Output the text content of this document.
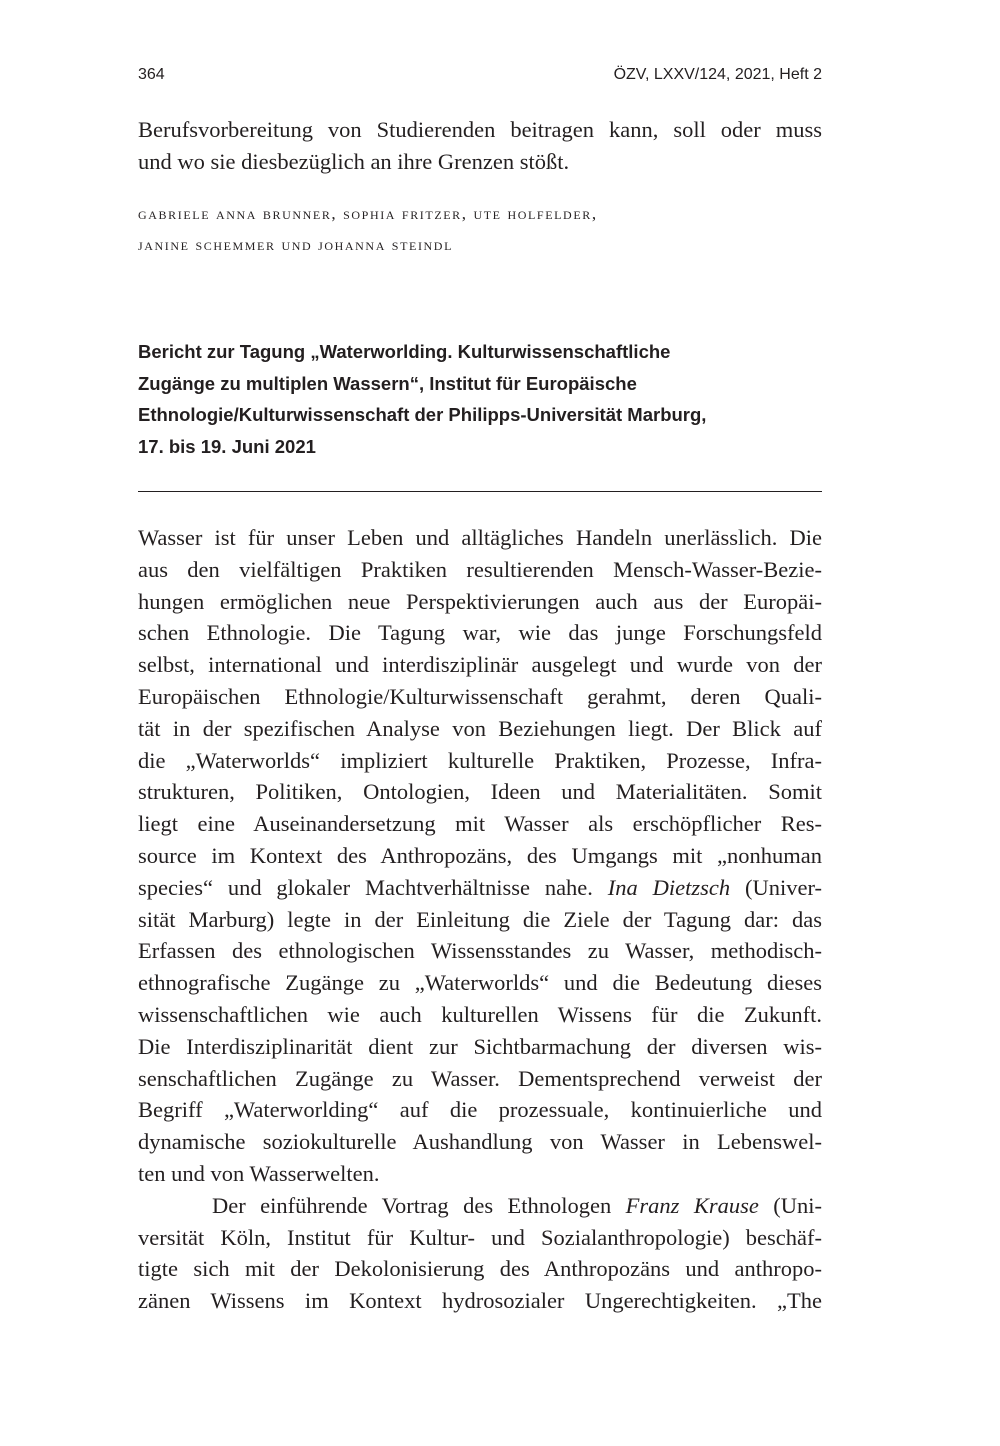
364	ÖZV, LXXV/124, 2021, Heft 2
Berufsvorbereitung von Studierenden beitragen kann, soll oder muss
und wo sie diesbezüglich an ihre Grenzen stößt.
gabriele anna brunner, sophia fritzer, ute holfelder,
janine schemmer und johanna steindl
Bericht zur Tagung „Waterworlding. Kulturwissenschaftliche
Zugänge zu multiplen Wassern“, Institut für Europäische
Ethnologie/Kulturwissenschaft der Philipps-Universität Marburg,
17. bis 19. Juni 2021
Wasser ist für unser Leben und alltägliches Handeln unerlässlich. Die
aus den vielfältigen Praktiken resultierenden Mensch-Wasser-Bezie-
hungen ermöglichen neue Perspektivierungen auch aus der Europäi-
schen Ethnologie. Die Tagung war, wie das junge Forschungsfeld
selbst, international und interdisziplinär ausgelegt und wurde von der
Europäischen Ethnologie/Kulturwissenschaft gerahmt, deren Quali-
tät in der spezifischen Analyse von Beziehungen liegt. Der Blick auf
die „Waterworlds“ impliziert kulturelle Praktiken, Prozesse, Infra-
strukturen, Politiken, Ontologien, Ideen und Materialitäten. Somit
liegt eine Auseinandersetzung mit Wasser als erschöpflicher Res-
source im Kontext des Anthropozäns, des Umgangs mit „nonhuman
species“ und glokaler Machtverhältnisse nahe. Ina Dietzsch (Univer-
sität Marburg) legte in der Einleitung die Ziele der Tagung dar: das
Erfassen des ethnologischen Wissensstandes zu Wasser, methodisch-
ethnografische Zugänge zu „Waterworlds“ und die Bedeutung dieses
wissenschaftlichen wie auch kulturellen Wissens für die Zukunft.
Die Interdisziplinarität dient zur Sichtbarmachung der diversen wis-
senschaftlichen Zugänge zu Wasser. Dementsprechend verweist der
Begriff „Waterworlding“ auf die prozessuale, kontinuierliche und
dynamische soziokulturelle Aushandlung von Wasser in Lebenswel-
ten und von Wasserwelten.
Der einführende Vortrag des Ethnologen Franz Krause (Uni-
versität Köln, Institut für Kultur- und Sozialanthropologie) beschäf-
tigte sich mit der Dekolonisierung des Anthropozäns und anthropo-
zänen Wissens im Kontext hydrosozialer Ungerechtigkeiten. „The
